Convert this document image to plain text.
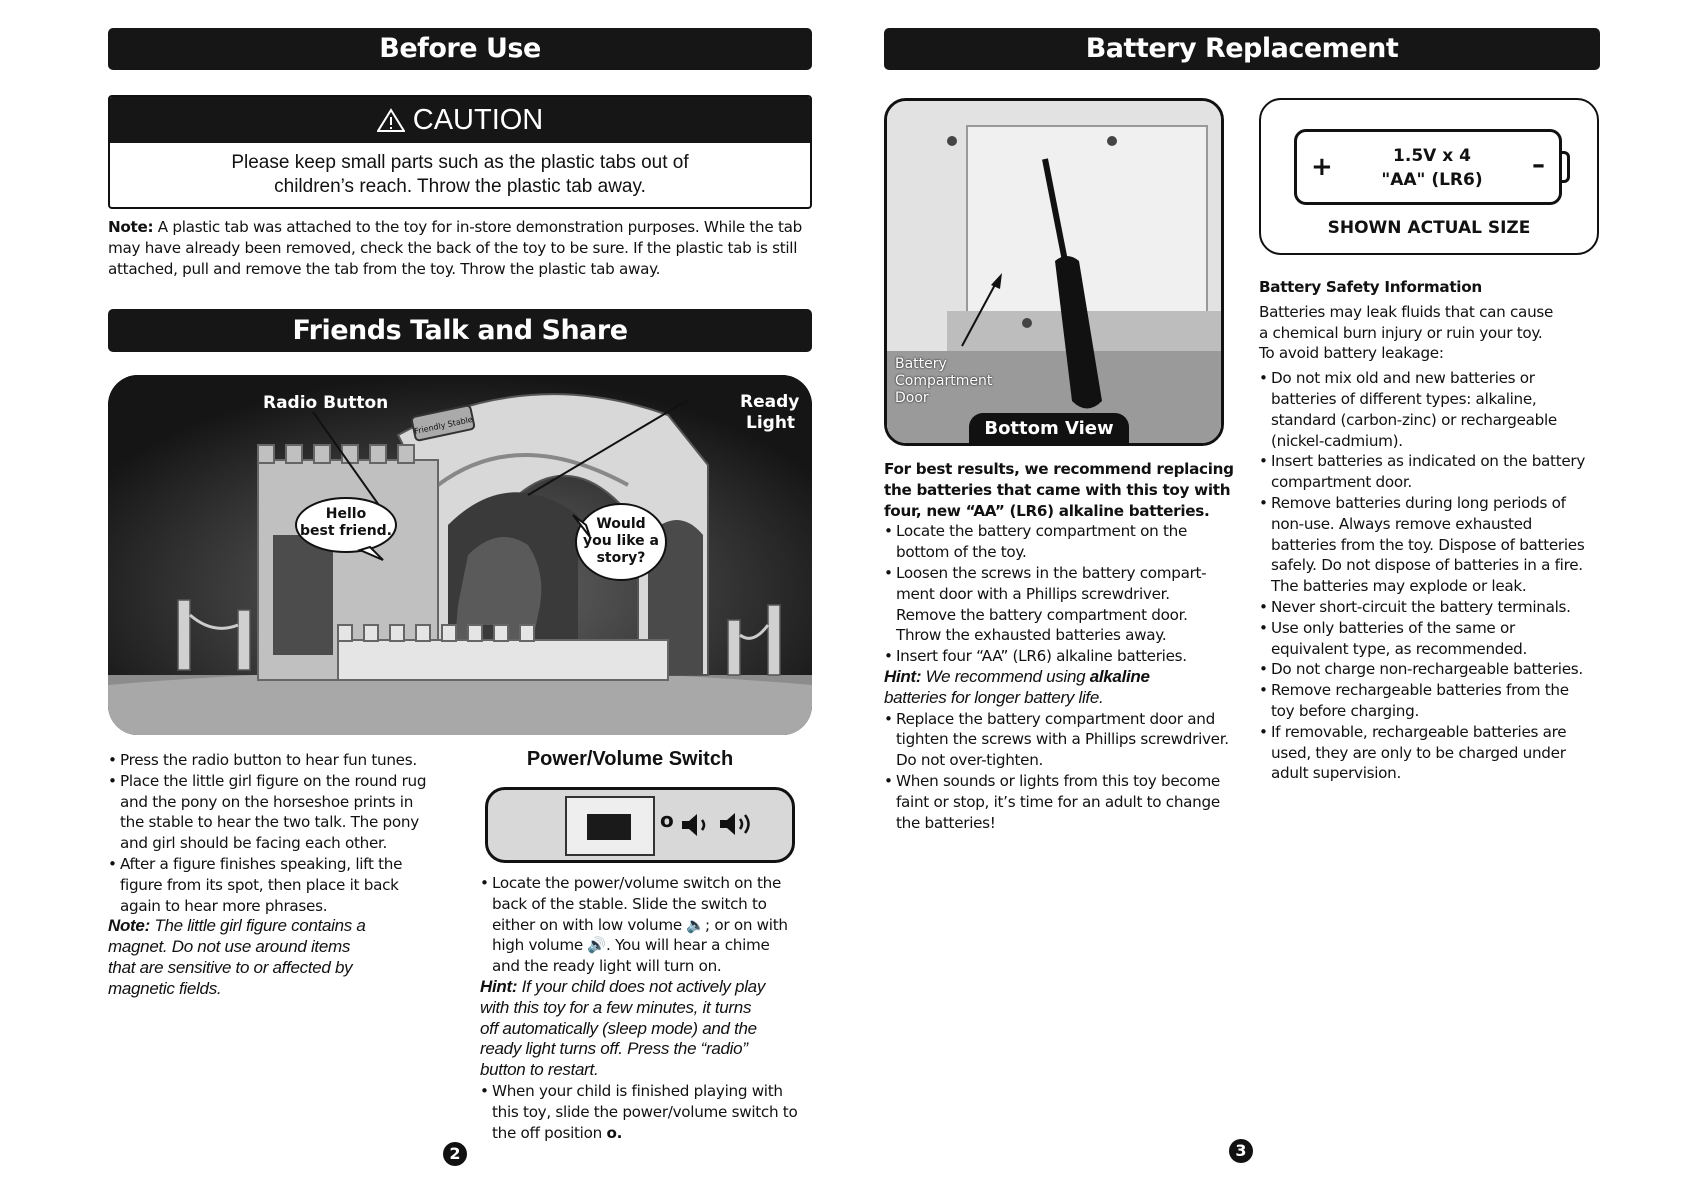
Before Use
CAUTION
Please keep small parts such as the plastic tabs out of
children’s reach. Throw the plastic tab away.
Note: A plastic tab was attached to the toy for in-store demonstration purposes. While the tab
may have already been removed, check the back of the toy to be sure. If the plastic tab is still
attached, pull and remove the tab from the toy. Throw the plastic tab away.
Friends Talk and Share
Friendly Stable
Radio Button	Ready
Light
Hello
best friend.	Would
you like a
story?
• Press the radio button to hear fun tunes.
• Place the little girl figure on the round rug
and the pony on the horseshoe prints in
the stable to hear the two talk. The pony
and girl should be facing each other.
• After a figure finishes speaking, lift the
figure from its spot, then place it back
again to hear more phrases.
Note: The little girl figure contains a
magnet. Do not use around items
that are sensitive to or affected by
magnetic fields.
Power/Volume Switch
o
• Locate the power/volume switch on the
back of the stable. Slide the switch to
either on with low volume 🔈; or on with
high volume 🔊. You will hear a chime
and the ready light will turn on.
Hint: If your child does not actively play
with this toy for a few minutes, it turns
off automatically (sleep mode) and the
ready light turns off. Press the “radio”
button to restart.
• When your child is finished playing with
this toy, slide the power/volume switch to
the off position o.
2
Battery Replacement
Battery
Compartment
Door
Bottom View
+	1.5V x 4
"AA" (LR6)	–
SHOWN ACTUAL SIZE
For best results, we recommend replacing
the batteries that came with this toy with
four, new “AA” (LR6) alkaline batteries.
• Locate the battery compartment on the
bottom of the toy.
• Loosen the screws in the battery compart-
ment door with a Phillips screwdriver.
Remove the battery compartment door.
Throw the exhausted batteries away.
• Insert four “AA” (LR6) alkaline batteries.
Hint: We recommend using alkaline
batteries for longer battery life.
• Replace the battery compartment door and
tighten the screws with a Phillips screwdriver.
Do not over-tighten.
• When sounds or lights from this toy become
faint or stop, it’s time for an adult to change
the batteries!
Battery Safety Information
Batteries may leak fluids that can cause
a chemical burn injury or ruin your toy.
To avoid battery leakage:
• Do not mix old and new batteries or
batteries of different types: alkaline,
standard (carbon-zinc) or rechargeable
(nickel-cadmium).
• Insert batteries as indicated on the battery
compartment door.
• Remove batteries during long periods of
non-use. Always remove exhausted
batteries from the toy. Dispose of batteries
safely. Do not dispose of batteries in a fire.
The batteries may explode or leak.
• Never short-circuit the battery terminals.
• Use only batteries of the same or
equivalent type, as recommended.
• Do not charge non-rechargeable batteries.
• Remove rechargeable batteries from the
toy before charging.
• If removable, rechargeable batteries are
used, they are only to be charged under
adult supervision.
3
